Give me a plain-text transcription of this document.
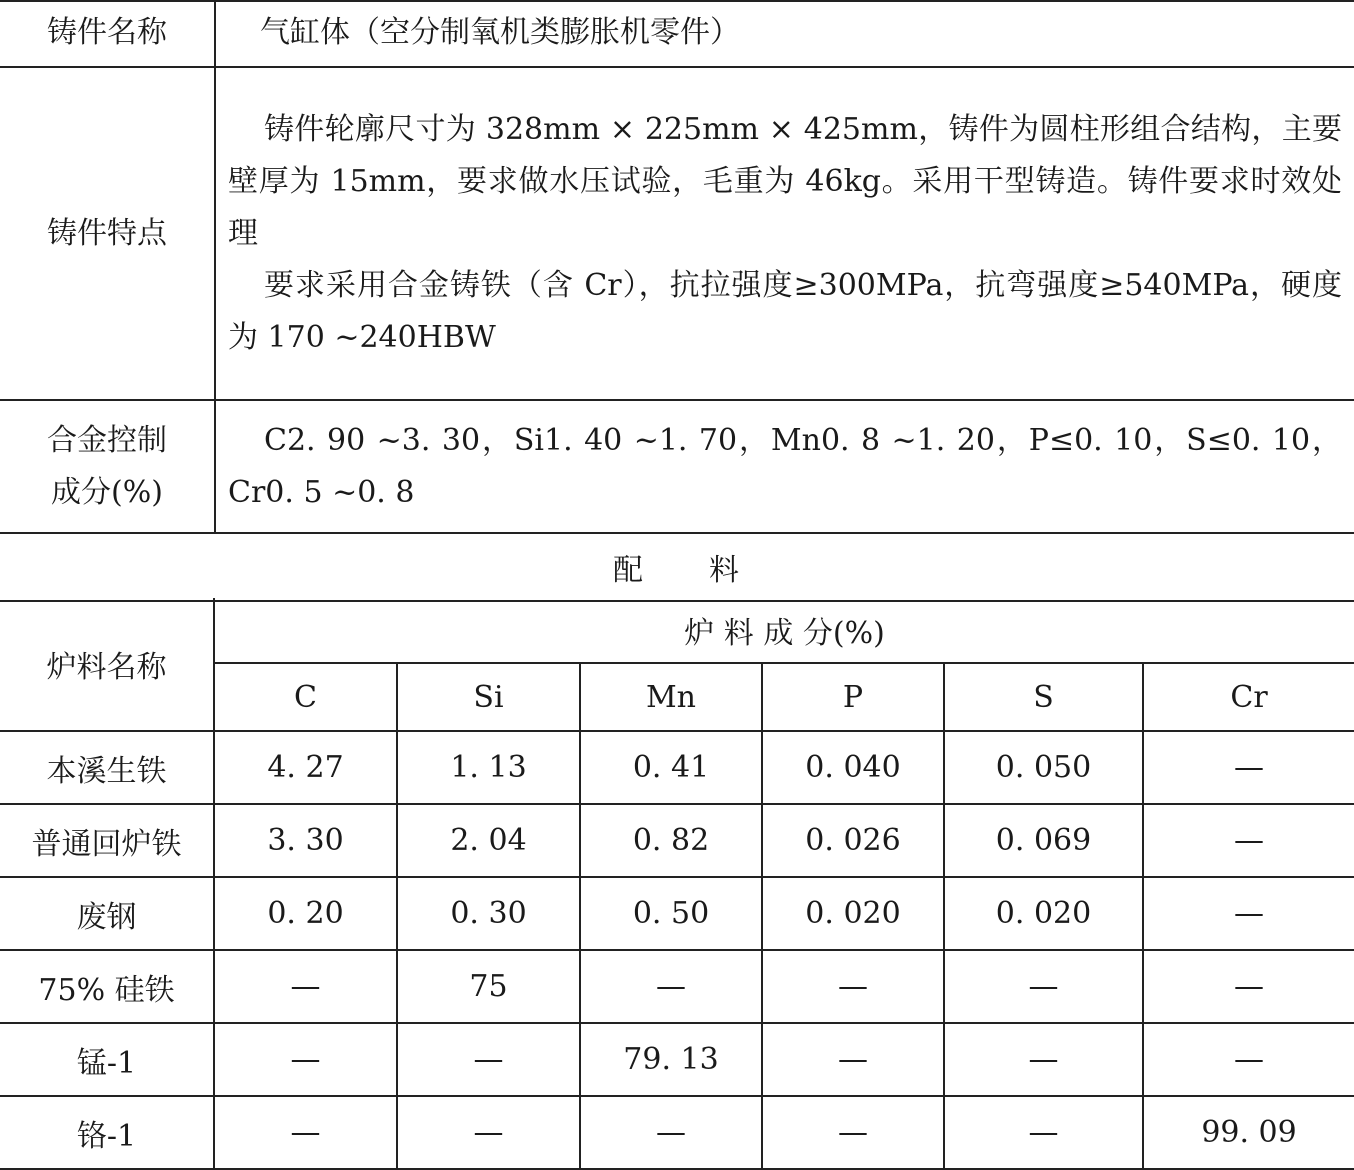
铸件名称	气缸体（空分制氧机类膨胀机零件）
铸件特点	铸件轮廓尺寸为 328mm × 225mm × 425mm，铸件为圆柱形组合结构，主要壁厚为 15mm，要求做水压试验，毛重为 46kg。采用干型铸造。铸件要求时效处理

要求采用合金铸铁（含 Cr），抗拉强度≥300MPa，抗弯强度≥540MPa，硬度为 170 ~240HBW

合金控制
成分(%)	C2. 90 ~3. 30，Si1. 40 ~1. 70，Mn0. 8 ~1. 20，P≤0. 10，S≤0. 10，Cr0. 5 ~0. 8

配　　料	
炉料名称	炉 料 成 分(%)					
	C	Si	Mn	P	S	Cr
本溪生铁	4. 27	1. 13	0. 41	0. 040	0. 050	—
普通回炉铁	3. 30	2. 04	0. 82	0. 026	0. 069	—
废钢	0. 20	0. 30	0. 50	0. 020	0. 020	—
75% 硅铁	—	75	—	—	—	—
锰-1	—	—	79. 13	—	—	—
铬-1	—	—	—	—	—	99. 09
